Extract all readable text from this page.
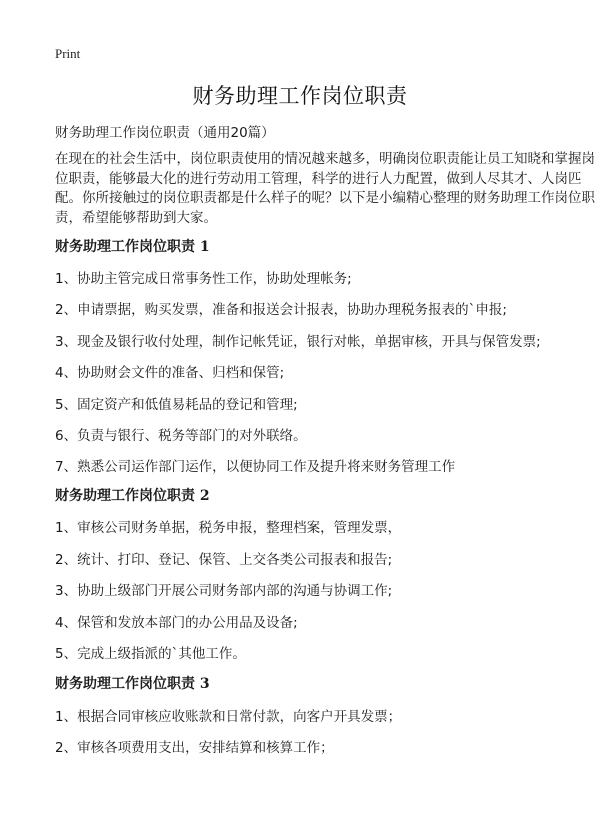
Print
财务助理工作岗位职责
财务助理工作岗位职责（通用20篇）

在现在的社会生活中，岗位职责使用的情况越来越多，明确岗位职责能让员工知晓和掌握岗位职责，能够最大化的进行劳动用工管理，科学的进行人力配置，做到人尽其才、人岗匹配。你所接触过的岗位职责都是什么样子的呢？以下是小编精心整理的财务助理工作岗位职责，希望能够帮助到大家。

财务助理工作岗位职责 1
1、协助主管完成日常事务性工作，协助处理帐务;
2、申请票据，购买发票，准备和报送会计报表，协助办理税务报表的`申报;
3、现金及银行收付处理，制作记帐凭证，银行对帐，单据审核，开具与保管发票;
4、协助财会文件的准备、归档和保管;
5、固定资产和低值易耗品的登记和管理;
6、负责与银行、税务等部门的对外联络。
7、熟悉公司运作部门运作，以便协同工作及提升将来财务管理工作
财务助理工作岗位职责 2
1、审核公司财务单据，税务申报，整理档案，管理发票，
2、统计、打印、登记、保管、上交各类公司报表和报告;
3、协助上级部门开展公司财务部内部的沟通与协调工作;
4、保管和发放本部门的办公用品及设备;
5、完成上级指派的`其他工作。
财务助理工作岗位职责 3
1、根据合同审核应收账款和日常付款，向客户开具发票；
2、审核各项费用支出，安排结算和核算工作；
